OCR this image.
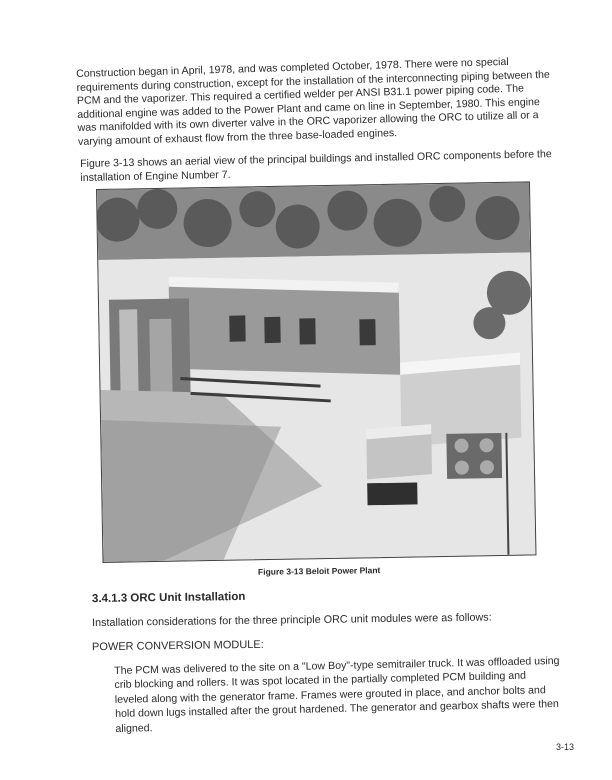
Construction began in April, 1978, and was completed October, 1978. There were no special requirements during construction, except for the installation of the interconnecting piping between the PCM and the vaporizer. This required a certified welder per ANSI B31.1 power piping code. The additional engine was added to the Power Plant and came on line in September, 1980. This engine was manifolded with its own diverter valve in the ORC vaporizer allowing the ORC to utilize all or a varying amount of exhaust flow from the three base-loaded engines.

Figure 3-13 shows an aerial view of the principal buildings and installed ORC components before the installation of Engine Number 7.

Figure 3-13 Beloit Power Plant
3.4.1.3 ORC Unit Installation
Installation considerations for the three principle ORC unit modules were as follows:
POWER CONVERSION MODULE:

The PCM was delivered to the site on a "Low Boy"-type semitrailer truck. It was offloaded using crib blocking and rollers. It was spot located in the partially completed PCM building and leveled along with the generator frame. Frames were grouted in place, and anchor bolts and hold down lugs installed after the grout hardened. The generator and gearbox shafts were then aligned.

3-13
